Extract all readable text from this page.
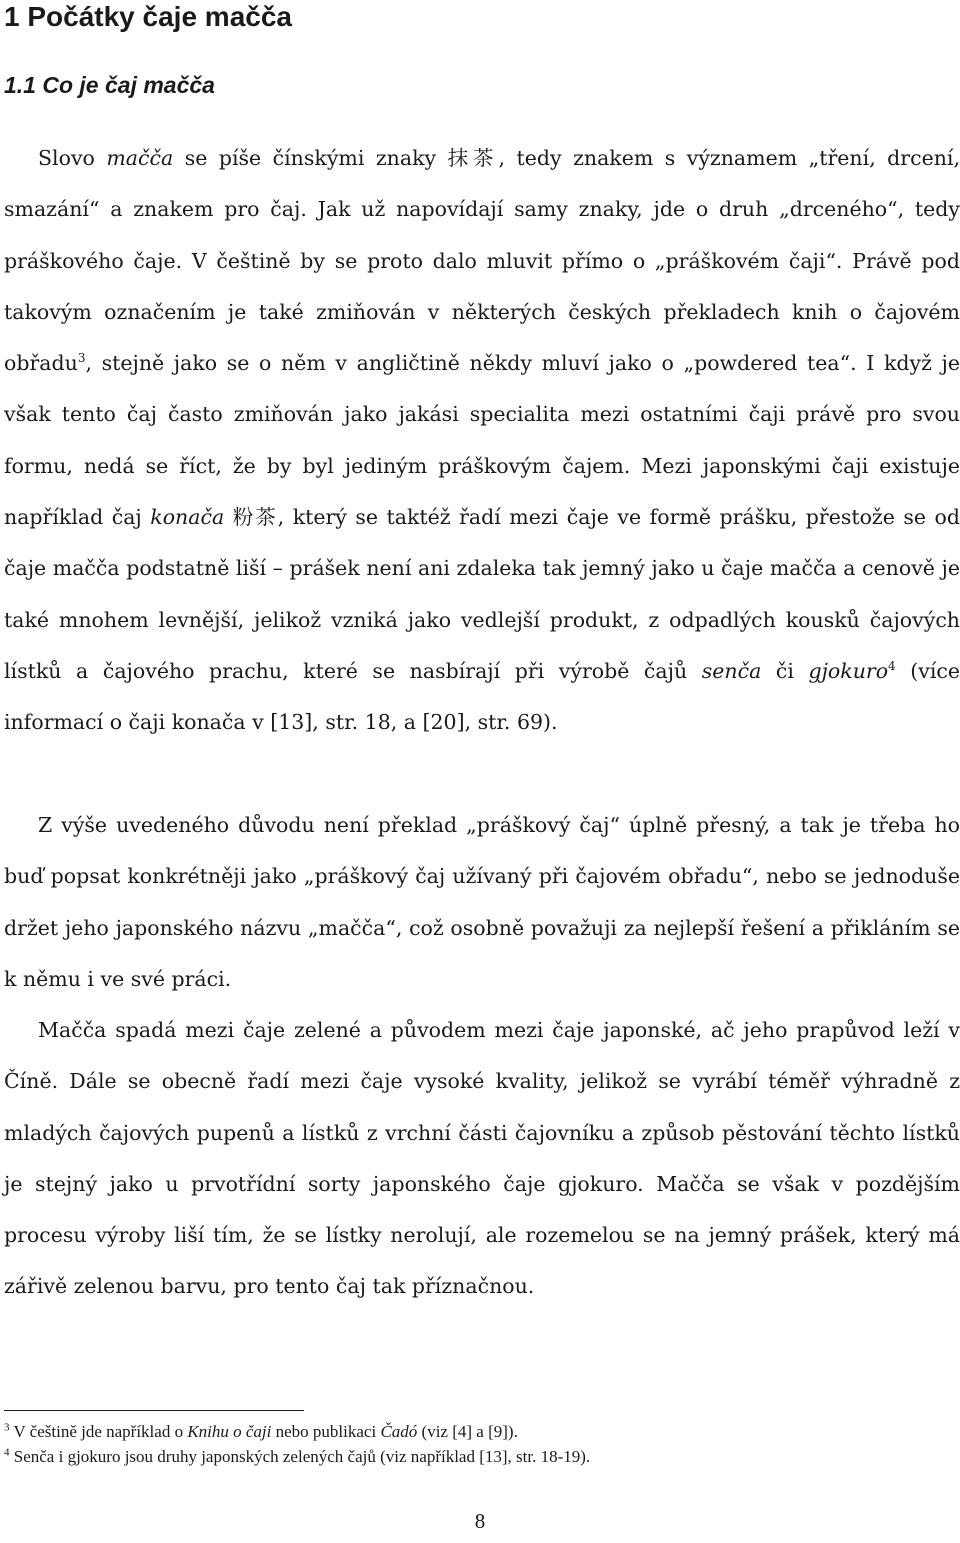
1 Počátky čaje maččа
1.1 Co je čaj maččа

Slovo maččа se píše čínskými znaky 抹茶, tedy znakem s významem „tření, drcení, smazání“ a znakem pro čaj. Jak už napovídají samy znaky, jde o druh „drceného“, tedy práškového čaje. V češtině by se proto dalo mluvit přímo o „práškovém čaji“. Právě pod takovým označením je také zmiňován v některých českých překladech knih o čajovém obřadu$^3$, stejně jako se o něm v angličtině někdy mluví jako o „powdered tea“. I když je však tento čaj často zmiňován jako jakási specialita mezi ostatními čaji právě pro svou formu, nedá se říct, že by byl jediným práškovým čajem. Mezi japonskými čaji existuje například čaj konača 粉茶, který se taktéž řadí mezi čaje ve formě prášku, přestože se od čaje maččа podstatně liší – prášek není ani zdaleka tak jemný jako u čaje maččа a cenově je také mnohem levnější, jelikož vzniká jako vedlejší produkt, z odpadlých kousků čajových lístků a čajového prachu, které se nasbírají při výrobě čajů senča či gjokuro$^4$ (více informací o čaji konača v [13], str. 18, a [20], str. 69).

Z výše uvedeného důvodu není překlad „práškový čaj“ úplně přesný, a tak je třeba ho buď popsat konkrétněji jako „práškový čaj užívaný při čajovém obřadu“, nebo se jednoduše držet jeho japonského názvu „maččа“, což osobně považuji za nejlepší řešení a přikláním se k němu i ve své práci.

Maččа spadá mezi čaje zelené a původem mezi čaje japonské, ač jeho prapůvod leží v Číně. Dále se obecně řadí mezi čaje vysoké kvality, jelikož se vyrábí téměř výhradně z mladých čajových pupenů a lístků z vrchní části čajovníku a způsob pěstování těchto lístků je stejný jako u prvotřídní sorty japonského čaje gjokuro. Maččа se však v pozdějším procesu výroby liší tím, že se lístky nerolují, ale rozemelou se na jemný prášek, který má zářivě zelenou barvu, pro tento čaj tak příznačnou.

$^3$ V češtině jde například o Knihu o čaji nebo publikaci Čadó (viz [4] a [9]).
$^4$ Senča i gjokuro jsou druhy japonských zelených čajů (viz například [13], str. 18-19).
8
